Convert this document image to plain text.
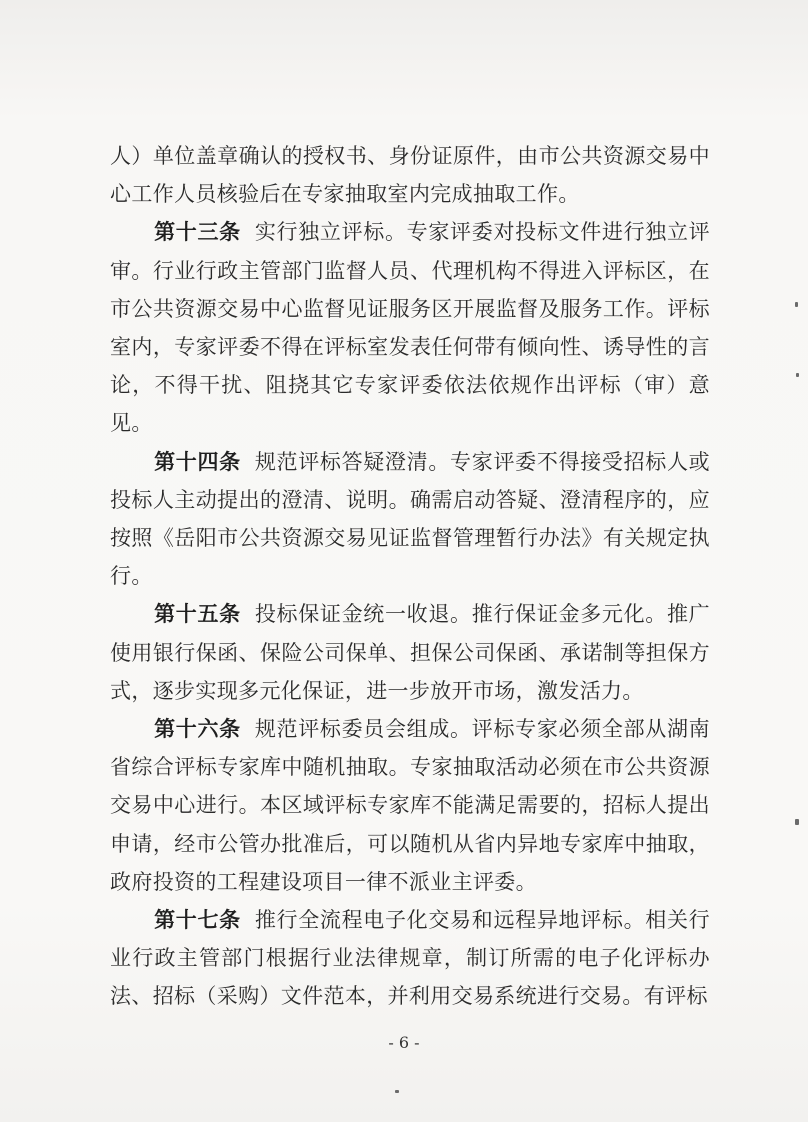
人）单位盖章确认的授权书、身份证原件，由市公共资源交易中心工作人员核验后在专家抽取室内完成抽取工作。

第十三条 实行独立评标。专家评委对投标文件进行独立评审。行业行政主管部门监督人员、代理机构不得进入评标区，在市公共资源交易中心监督见证服务区开展监督及服务工作。评标室内，专家评委不得在评标室发表任何带有倾向性、诱导性的言论，不得干扰、阻挠其它专家评委依法依规作出评标（审）意见。

第十四条 规范评标答疑澄清。专家评委不得接受招标人或投标人主动提出的澄清、说明。确需启动答疑、澄清程序的，应按照《岳阳市公共资源交易见证监督管理暂行办法》有关规定执行。

第十五条 投标保证金统一收退。推行保证金多元化。推广使用银行保函、保险公司保单、担保公司保函、承诺制等担保方式，逐步实现多元化保证，进一步放开市场，激发活力。

第十六条 规范评标委员会组成。评标专家必须全部从湖南省综合评标专家库中随机抽取。专家抽取活动必须在市公共资源交易中心进行。本区域评标专家库不能满足需要的，招标人提出申请，经市公管办批准后，可以随机从省内异地专家库中抽取，政府投资的工程建设项目一律不派业主评委。

第十七条 推行全流程电子化交易和远程异地评标。相关行业行政主管部门根据行业法律规章，制订所需的电子化评标办法、招标（采购）文件范本，并利用交易系统进行交易。有评标

- 6 -
